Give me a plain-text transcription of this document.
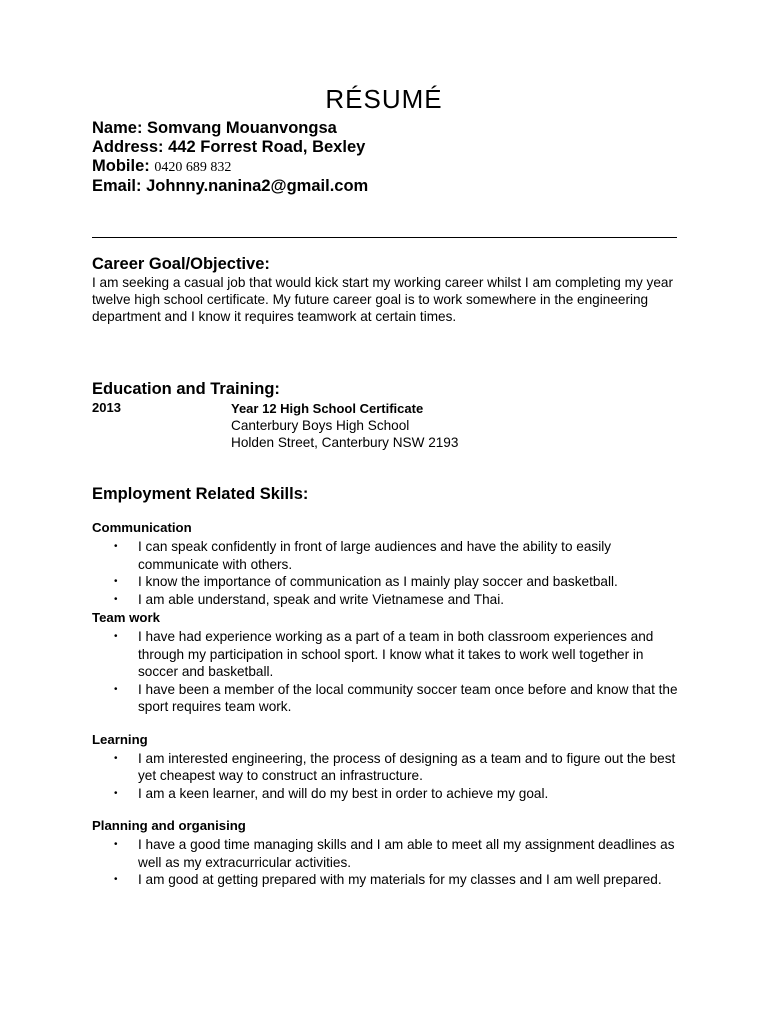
RÉSUMÉ
Name: Somvang Mouanvongsa
Address: 442 Forrest Road, Bexley
Mobile: 0420 689 832
Email: Johnny.nanina2@gmail.com
Career Goal/Objective:
I am seeking a casual job that would kick start my working career whilst I am completing my year twelve high school certificate. My future career goal is to work somewhere in the engineering department and I know it requires teamwork at certain times.
Education and Training:
2013	Year 12 High School Certificate
Canterbury Boys High School
Holden Street, Canterbury NSW 2193
Employment Related Skills:
Communication
• I can speak confidently in front of large audiences and have the ability to easily communicate with others.
• I know the importance of communication as I mainly play soccer and basketball.
• I am able understand, speak and write Vietnamese and Thai.
Team work
• I have had experience working as a part of a team in both classroom experiences and through my participation in school sport. I know what it takes to work well together in soccer and basketball.
• I have been a member of the local community soccer team once before and know that the sport requires team work.
Learning
• I am interested engineering, the process of designing as a team and to figure out the best yet cheapest way to construct an infrastructure.
• I am a keen learner, and will do my best in order to achieve my goal.
Planning and organising
• I have a good time managing skills and I am able to meet all my assignment deadlines as well as my extracurricular activities.
• I am good at getting prepared with my materials for my classes and I am well prepared.
